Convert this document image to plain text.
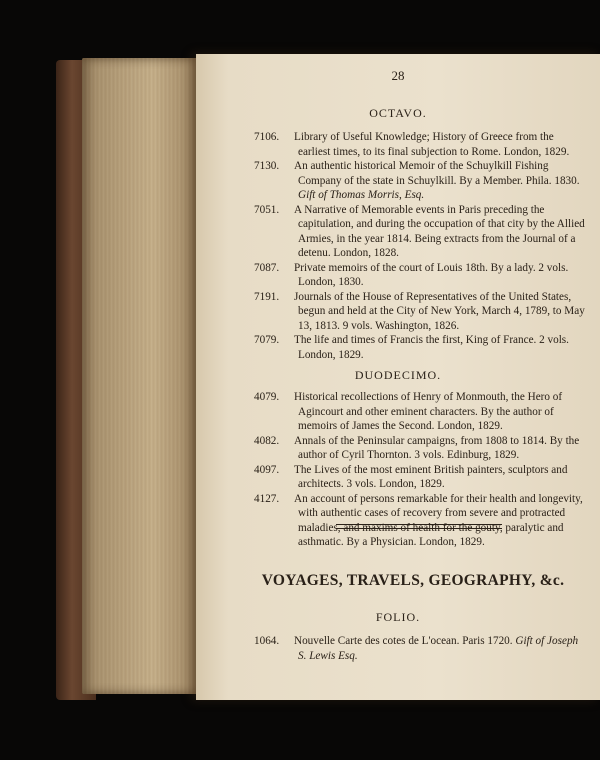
28
OCTAVO.
7106. Library of Useful Knowledge; History of Greece from the earliest times, to its final subjection to Rome. London, 1829.
7130. An authentic historical Memoir of the Schuylkill Fishing Company of the state in Schuylkill. By a Member. Phila. 1830. Gift of Thomas Morris, Esq.
7051. A Narrative of Memorable events in Paris preceding the capitulation, and during the occupation of that city by the Allied Armies, in the year 1814. Being extracts from the Journal of a detenu. London, 1828.
7087. Private memoirs of the court of Louis 18th. By a lady. 2 vols. London, 1830.
7191. Journals of the House of Representatives of the United States, begun and held at the City of New York, March 4, 1789, to May 13, 1813. 9 vols. Washington, 1826.
7079. The life and times of Francis the first, King of France. 2 vols. London, 1829.
DUODECIMO.
4079. Historical recollections of Henry of Monmouth, the Hero of Agincourt and other eminent characters. By the author of memoirs of James the Second. London, 1829.
4082. Annals of the Peninsular campaigns, from 1808 to 1814. By the author of Cyril Thornton. 3 vols. Edinburg, 1829.
4097. The Lives of the most eminent British painters, sculptors and architects. 3 vols. London, 1829.
4127. An account of persons remarkable for their health and longevity, with authentic cases of recovery from severe and protracted maladies, and maxims of health for the gouty, paralytic and asthmatic. By a Physician. London, 1829.
VOYAGES, TRAVELS, GEOGRAPHY, &c.
FOLIO.
1064. Nouvelle Carte des cotes de L'ocean. Paris 1720. Gift of Joseph S. Lewis Esq.
